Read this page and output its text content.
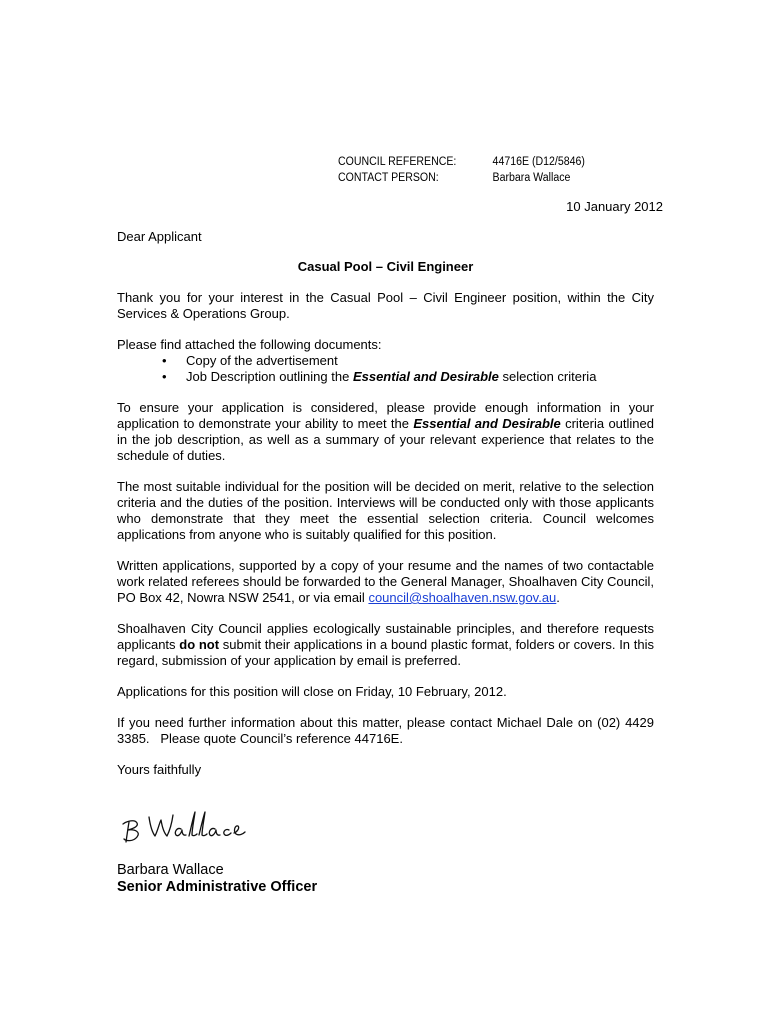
COUNCIL REFERENCE:	44716E (D12/5846)
CONTACT PERSON:	Barbara Wallace
10 January 2012

Dear Applicant

Casual Pool – Civil Engineer

Thank you for your interest in the Casual Pool – Civil Engineer position, within the City Services & Operations Group.

Please find attached the following documents:

• Copy of the advertisement
• Job Description outlining the Essential and Desirable selection criteria

To ensure your application is considered, please provide enough information in your application to demonstrate your ability to meet the Essential and Desirable criteria outlined in the job description, as well as a summary of your relevant experience that relates to the schedule of duties.

The most suitable individual for the position will be decided on merit, relative to the selection criteria and the duties of the position. Interviews will be conducted only with those applicants who demonstrate that they meet the essential selection criteria. Council welcomes applications from anyone who is suitably qualified for this position.

Written applications, supported by a copy of your resume and the names of two contactable work related referees should be forwarded to the General Manager, Shoalhaven City Council, PO Box 42, Nowra NSW 2541, or via email council@shoalhaven.nsw.gov.au.

Shoalhaven City Council applies ecologically sustainable principles, and therefore requests applicants do not submit their applications in a bound plastic format, folders or covers. In this regard, submission of your application by email is preferred.

Applications for this position will close on Friday, 10 February, 2012.

If you need further information about this matter, please contact Michael Dale on (02) 4429 3385.   Please quote Council’s reference 44716E.

Yours faithfully

Barbara Wallace
Senior Administrative Officer
